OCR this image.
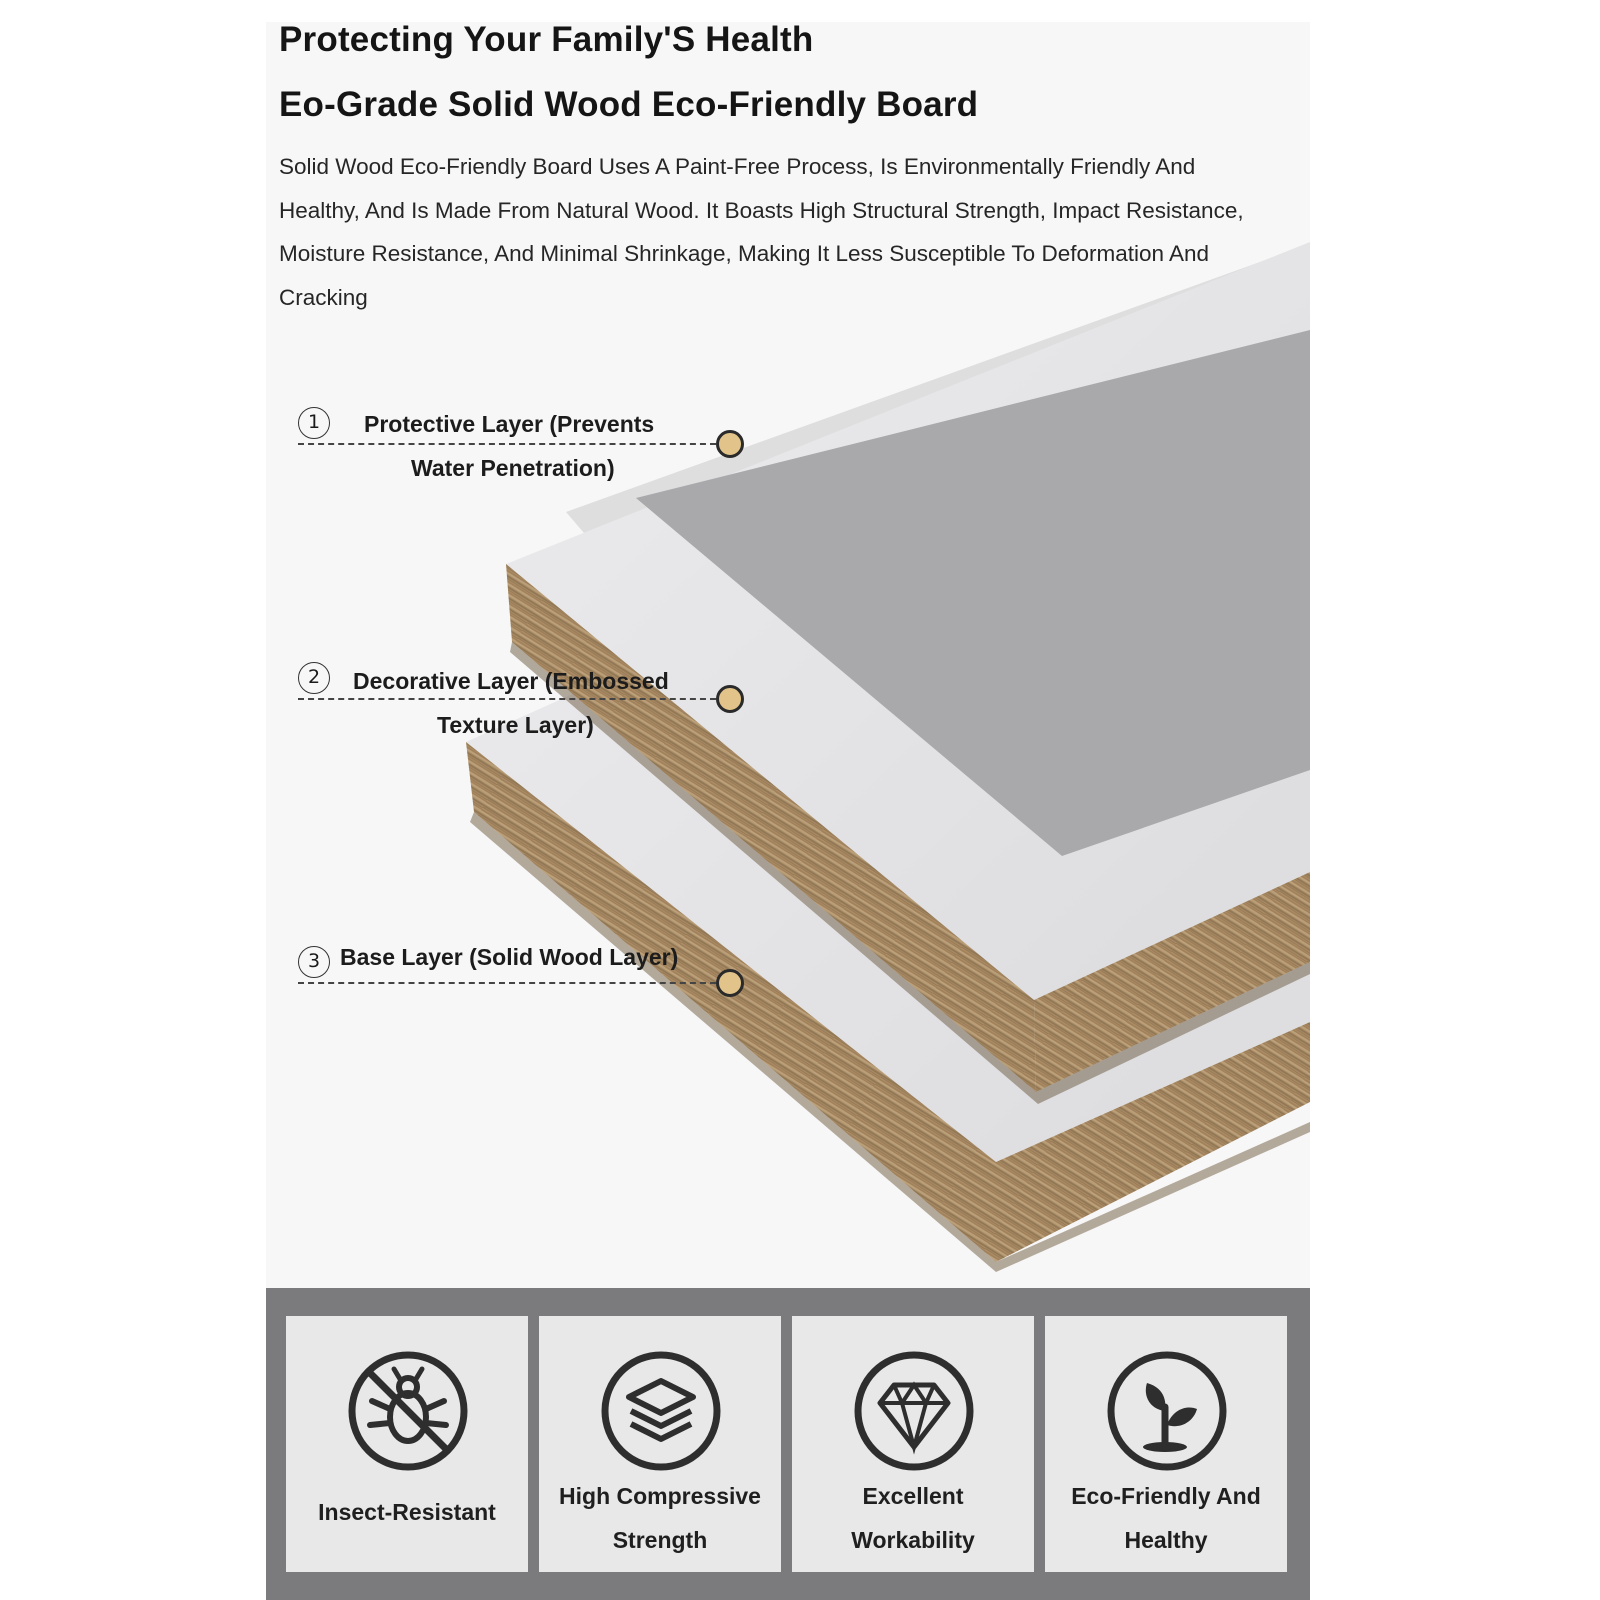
Protecting Your Family'S Health
Eo-Grade Solid Wood Eco-Friendly Board
Solid Wood Eco-Friendly Board Uses A Paint-Free Process, Is Environmentally Friendly And Healthy, And Is Made From Natural Wood. It Boasts High Structural Strength, Impact Resistance, Moisture Resistance, And Minimal Shrinkage, Making It Less Susceptible To Deformation And Cracking
1	Protective Layer (Prevents
Water Penetration)
2	Decorative Layer (Embossed
Texture Layer)
3 Base Layer (Solid Wood Layer)
Insect-Resistant
High Compressive
Strength
Excellent
Workability
Eco-Friendly And
Healthy
